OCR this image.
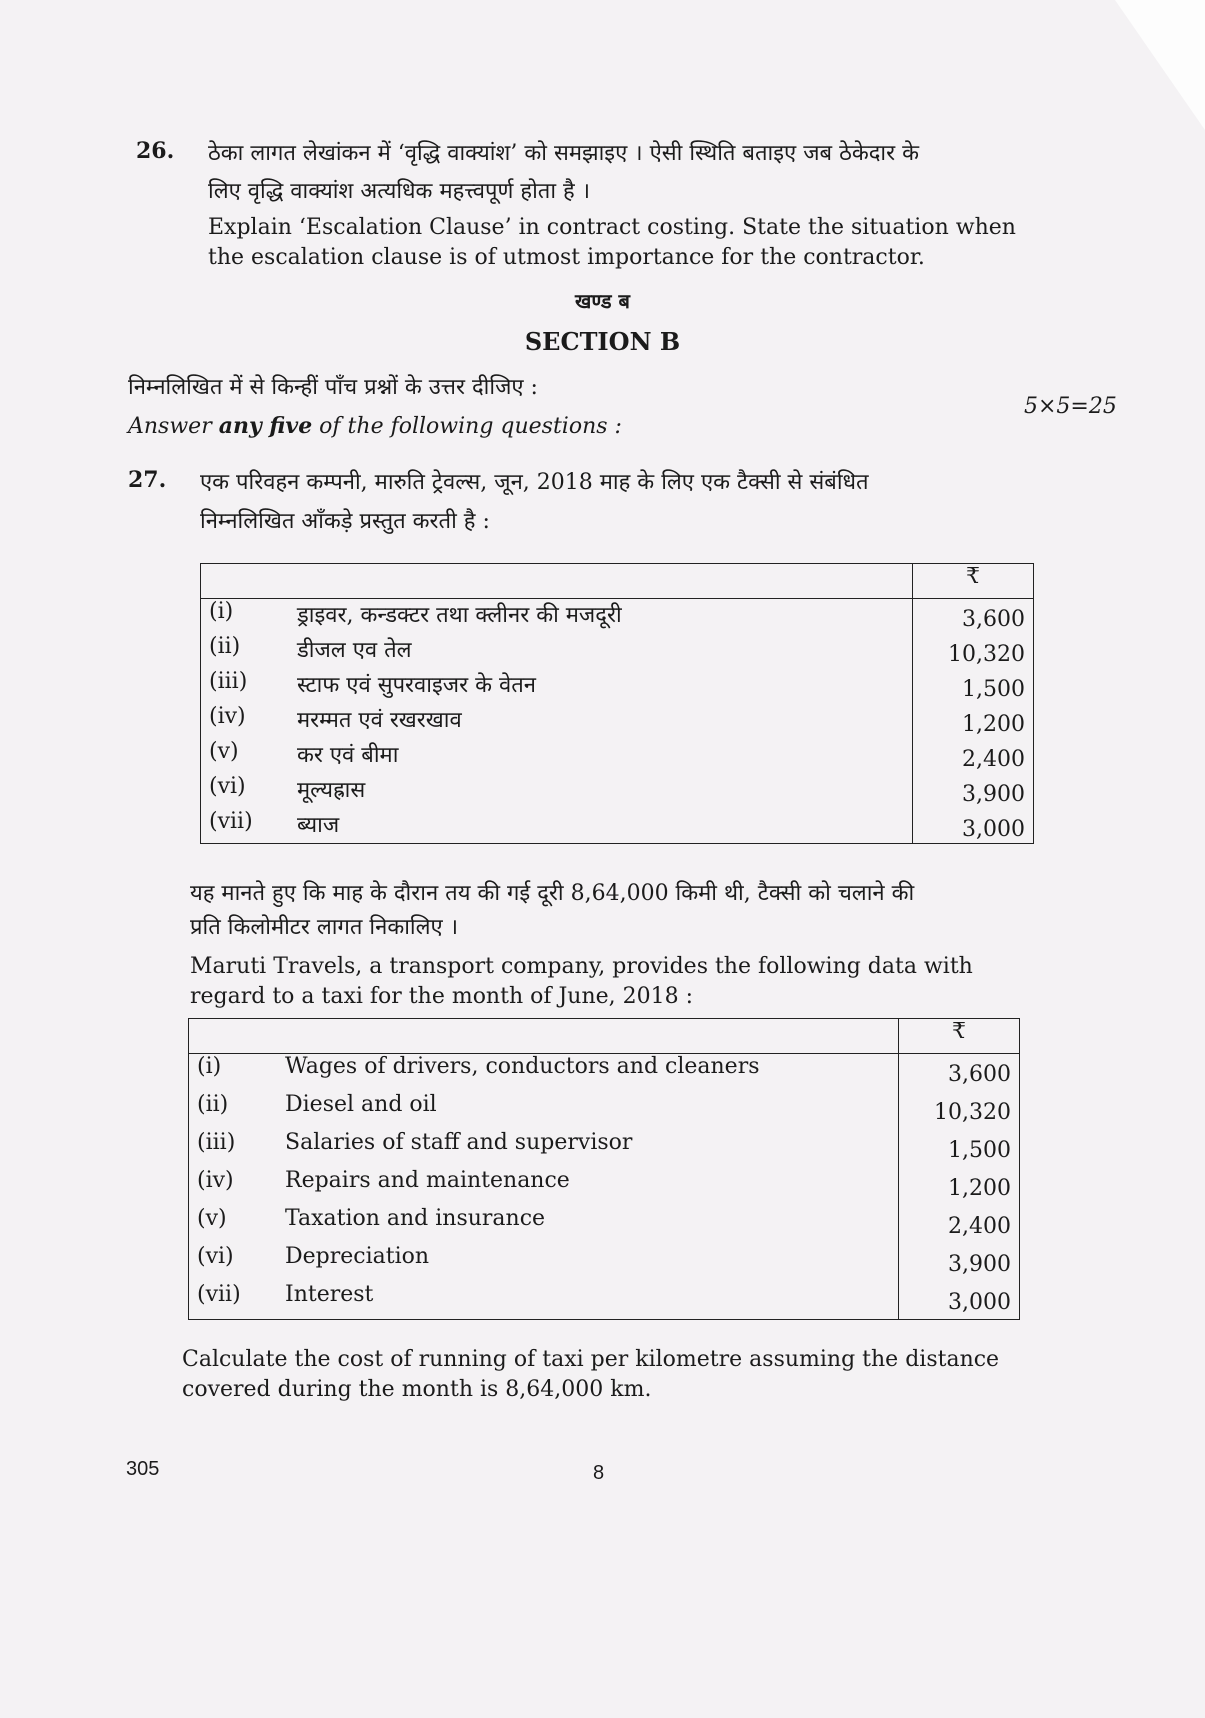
26. ठेका लागत लेखांकन में ‘वृद्धि वाक्यांश’ को समझाइए । ऐसी स्थिति बताइए जब ठेकेदार के
लिए वृद्धि वाक्यांश अत्यधिक महत्त्वपूर्ण होता है ।
Explain ‘Escalation Clause’ in contract costing. State the situation when
the escalation clause is of utmost importance for the contractor.
खण्ड ब
SECTION B
निम्नलिखित में से किन्हीं पाँच प्रश्नों के उत्तर दीजिए :
5×5=25
Answer any five of the following questions :
27. एक परिवहन कम्पनी, मारुति ट्रेवल्स, जून, 2018 माह के लिए एक टैक्सी से संबंधित
निम्नलिखित आँकड़े प्रस्तुत करती है :
		₹
(i)	ड्राइवर, कन्डक्टर तथा क्लीनर की मजदूरी	3,600
(ii)	डीजल एव तेल	10,320
(iii)	स्टाफ एवं सुपरवाइजर के वेतन	1,500
(iv)	मरम्मत एवं रखरखाव	1,200
(v)	कर एवं बीमा	2,400
(vi)	मूल्यह्रास	3,900
(vii)	ब्याज	3,000
यह मानते हुए कि माह के दौरान तय की गई दूरी 8,64,000 किमी थी, टैक्सी को चलाने की
प्रति किलोमीटर लागत निकालिए ।
Maruti Travels, a transport company, provides the following data with
regard to a taxi for the month of June, 2018 :
		₹
(i)	Wages of drivers, conductors and cleaners	3,600
(ii)	Diesel and oil	10,320
(iii)	Salaries of staff and supervisor	1,500
(iv)	Repairs and maintenance	1,200
(v)	Taxation and insurance	2,400
(vi)	Depreciation	3,900
(vii)	Interest	3,000
Calculate the cost of running of taxi per kilometre assuming the distance
covered during the month is 8,64,000 km.
305	8
